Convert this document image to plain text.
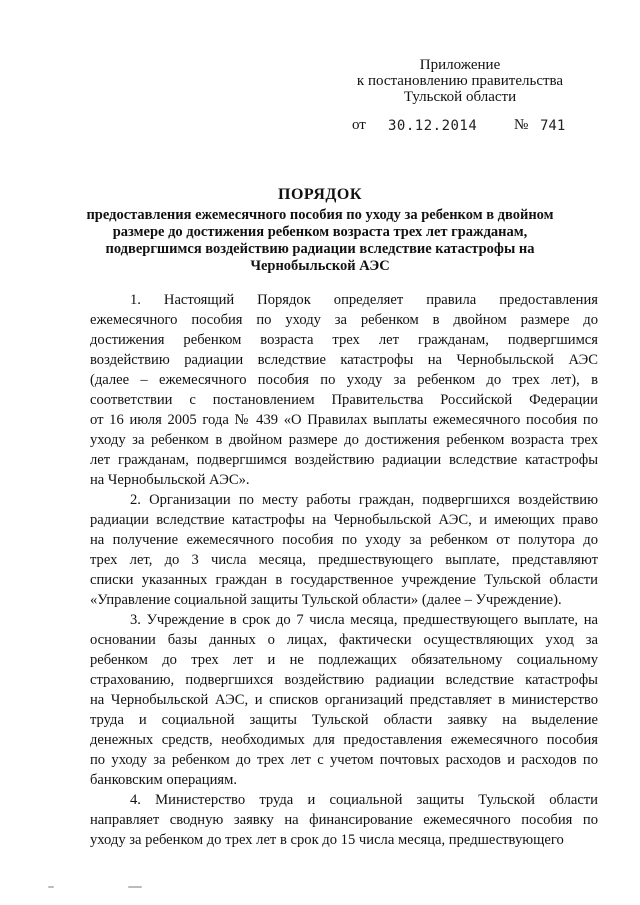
Приложение
к постановлению правительства
Тульской области
от 30.12.2014 № 741
ПОРЯДОК
предоставления ежемесячного пособия по уходу за ребенком в двойном
размере до достижения ребенком возраста трех лет гражданам,
подвергшимся воздействию радиации вследствие катастрофы на
Чернобыльской АЭС
1. Настоящий Порядок определяет правила предоставления
ежемесячного пособия по уходу за ребенком в двойном размере до
достижения ребенком возраста трех лет гражданам, подвергшимся
воздействию радиации вследствие катастрофы на Чернобыльской АЭС
(далее – ежемесячного пособия по уходу за ребенком до трех лет), в
соответствии с постановлением Правительства Российской Федерации
от 16 июля 2005 года № 439 «О Правилах выплаты ежемесячного пособия по
уходу за ребенком в двойном размере до достижения ребенком возраста трех
лет гражданам, подвергшимся воздействию радиации вследствие катастрофы
на Чернобыльской АЭС».
2. Организации по месту работы граждан, подвергшихся воздействию
радиации вследствие катастрофы на Чернобыльской АЭС, и имеющих право
на получение ежемесячного пособия по уходу за ребенком от полутора до
трех лет, до 3 числа месяца, предшествующего выплате, представляют
списки указанных граждан в государственное учреждение Тульской области
«Управление социальной защиты Тульской области» (далее – Учреждение).
3. Учреждение в срок до 7 числа месяца, предшествующего выплате, на
основании базы данных о лицах, фактически осуществляющих уход за
ребенком до трех лет и не подлежащих обязательному социальному
страхованию, подвергшихся воздействию радиации вследствие катастрофы
на Чернобыльской АЭС, и списков организаций представляет в министерство
труда и социальной защиты Тульской области заявку на выделение
денежных средств, необходимых для предоставления ежемесячного пособия
по уходу за ребенком до трех лет с учетом почтовых расходов и расходов по
банковским операциям.
4. Министерство труда и социальной защиты Тульской области
направляет сводную заявку на финансирование ежемесячного пособия по
уходу за ребенком до трех лет в срок до 15 числа месяца, предшествующего
